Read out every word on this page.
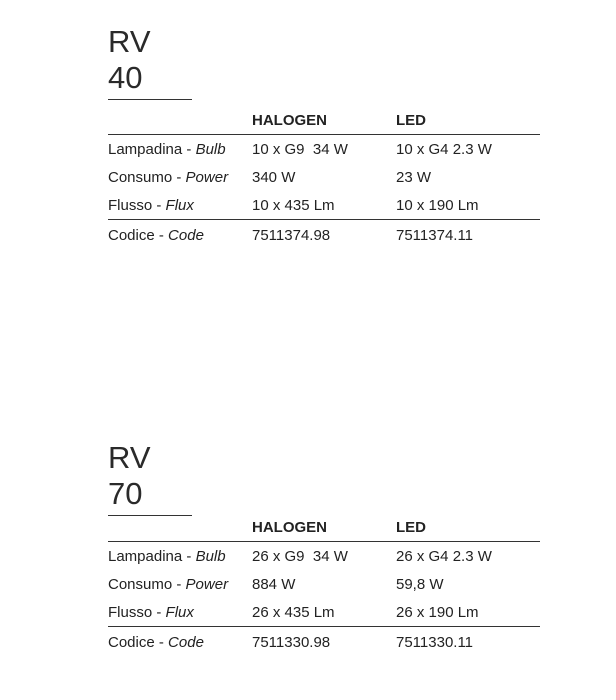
RV 40
	HALOGEN	LED
Lampadina - Bulb	10 x G9  34 W	10 x G4 2.3 W
Consumo - Power	340 W	23 W
Flusso - Flux	10 x 435 Lm	10 x 190 Lm
Codice - Code	7511374.98	7511374.11
RV 70
	HALOGEN	LED
Lampadina - Bulb	26 x G9  34 W	26 x G4 2.3 W
Consumo - Power	884 W	59,8 W
Flusso - Flux	26 x 435 Lm	26 x 190 Lm
Codice - Code	7511330.98	7511330.11
